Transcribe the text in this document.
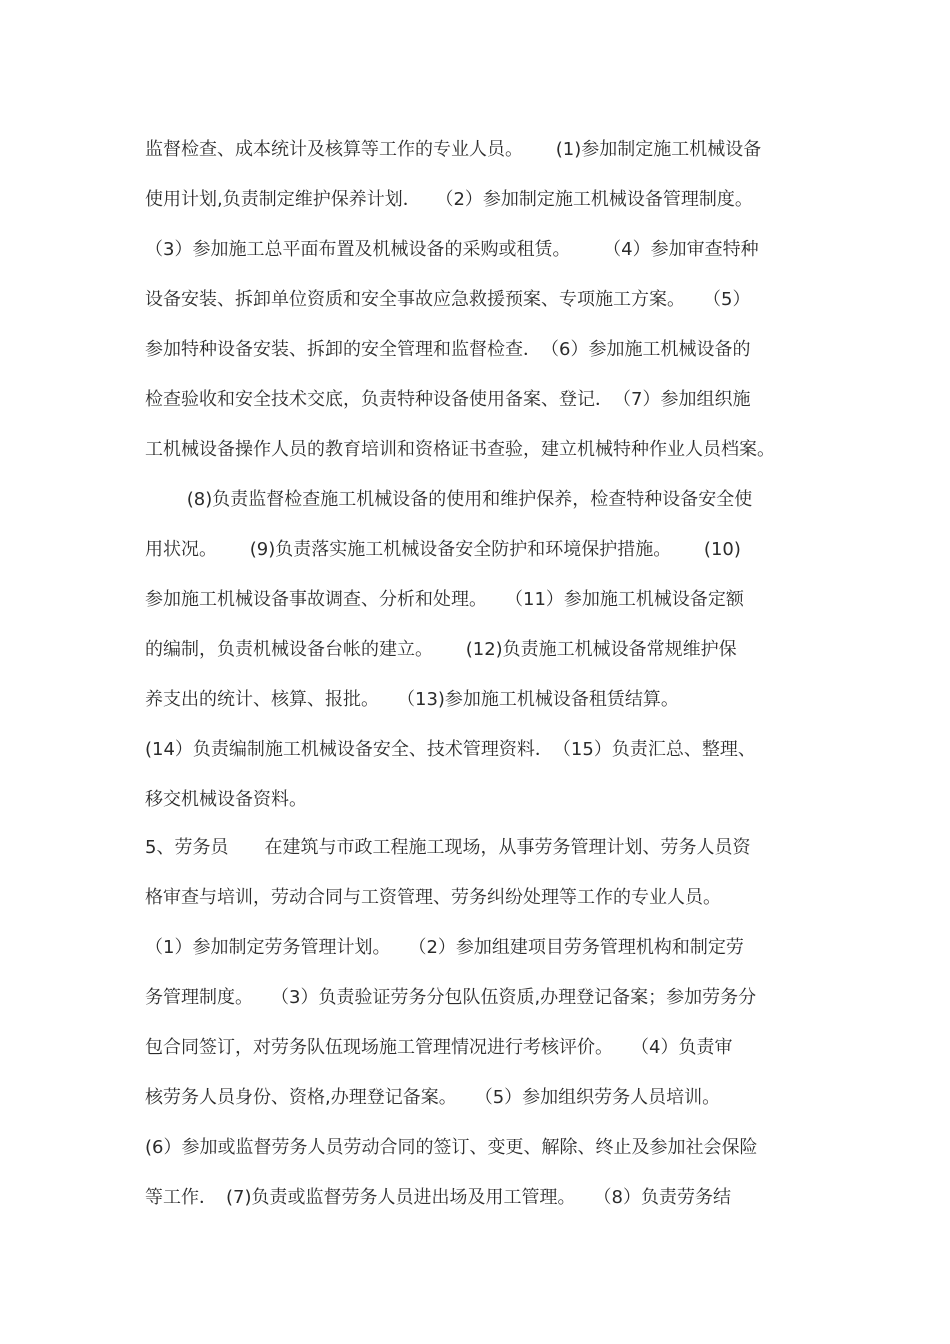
监督检查、成本统计及核算等工作的专业人员。　　 (1)参加制定施工机械设备
使用计划,负责制定维护保养计划．　 （2）参加制定施工机械设备管理制度。
（3）参加施工总平面布置及机械设备的采购或租赁。　　 （4）参加审查特种
设备安装、拆卸单位资质和安全事故应急救援预案、专项施工方案。　　（5）
参加特种设备安装、拆卸的安全管理和监督检查．　（6）参加施工机械设备的
检查验收和安全技术交底，负责特种设备使用备案、登记．　（7）参加组织施
工机械设备操作人员的教育培训和资格证书查验，建立机械特种作业人员档案。
　　 (8)负责监督检查施工机械设备的使用和维护保养，检查特种设备安全使
用状况。　　 (9)负责落实施工机械设备安全防护和环境保护措施。　　 (10)
参加施工机械设备事故调查、分析和处理。　　（11）参加施工机械设备定额
的编制，负责机械设备台帐的建立。　　 (12)负责施工机械设备常规维护保
养支出的统计、核算、报批。　　（13)参加施工机械设备租赁结算。
(14）负责编制施工机械设备安全、技术管理资料．　（15）负责汇总、整理、
移交机械设备资料。
5、劳务员　　在建筑与市政工程施工现场，从事劳务管理计划、劳务人员资
格审查与培训，劳动合同与工资管理、劳务纠纷处理等工作的专业人员。
（1）参加制定劳务管理计划。　　（2）参加组建项目劳务管理机构和制定劳
务管理制度。　　（3）负责验证劳务分包队伍资质,办理登记备案；参加劳务分
包合同签订，对劳务队伍现场施工管理情况进行考核评价。　　（4）负责审
核劳务人员身份、资格,办理登记备案。　　（5）参加组织劳务人员培训。
(6）参加或监督劳务人员劳动合同的签订、变更、解除、终止及参加社会保险
等工作．　(7)负责或监督劳务人员进出场及用工管理。　　（8）负责劳务结
